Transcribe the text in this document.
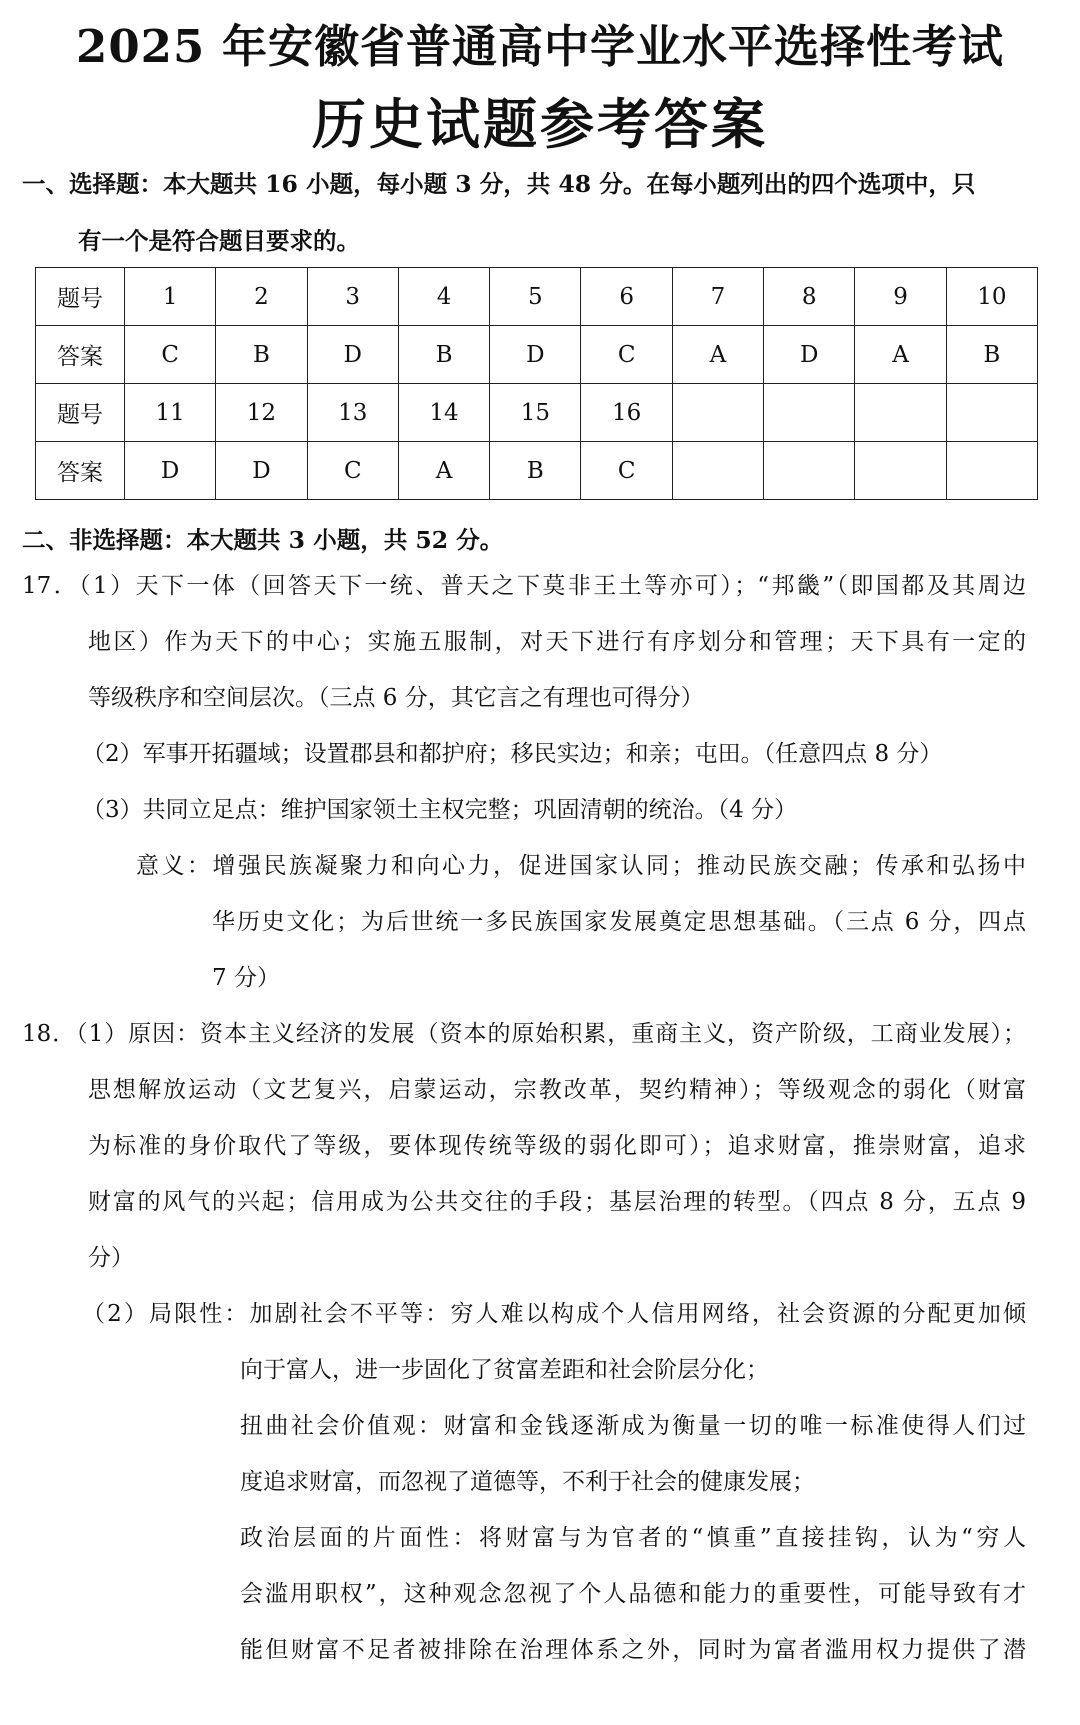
2025 年安徽省普通高中学业水平选择性考试
历史试题参考答案
一、选择题：本大题共 16 小题，每小题 3 分，共 48 分。在每小题列出的四个选项中，只
有一个是符合题目要求的。
题号	1	2	3	4	5	6	7	8	9	10
答案	C	B	D	B	D	C	A	D	A	B
题号	11	12	13	14	15	16				
答案	D	D	C	A	B	C				
二、非选择题：本大题共 3 小题，共 52 分。
17．（1）天下一体（回答天下一统、普天之下莫非王土等亦可）；“邦畿”（即国都及其周边
地区）作为天下的中心；实施五服制，对天下进行有序划分和管理；天下具有一定的
等级秩序和空间层次。（三点 6 分，其它言之有理也可得分）
（2）军事开拓疆域；设置郡县和都护府；移民实边；和亲；屯田。（任意四点 8 分）
（3）共同立足点：维护国家领土主权完整；巩固清朝的统治。（4 分）
意义：增强民族凝聚力和向心力，促进国家认同；推动民族交融；传承和弘扬中
华历史文化；为后世统一多民族国家发展奠定思想基础。（三点 6 分，四点
7 分）
18．（1）原因：资本主义经济的发展（资本的原始积累，重商主义，资产阶级，工商业发展）；
思想解放运动（文艺复兴，启蒙运动，宗教改革，契约精神）；等级观念的弱化（财富
为标准的身价取代了等级，要体现传统等级的弱化即可）；追求财富，推崇财富，追求
财富的风气的兴起；信用成为公共交往的手段；基层治理的转型。（四点 8 分，五点 9
分）
（2）局限性：加剧社会不平等：穷人难以构成个人信用网络，社会资源的分配更加倾
向于富人，进一步固化了贫富差距和社会阶层分化；
扭曲社会价值观：财富和金钱逐渐成为衡量一切的唯一标准使得人们过
度追求财富，而忽视了道德等，不利于社会的健康发展；
政治层面的片面性：将财富与为官者的“慎重”直接挂钩，认为“穷人
会滥用职权”，这种观念忽视了个人品德和能力的重要性，可能导致有才
能但财富不足者被排除在治理体系之外，同时为富者滥用权力提供了潜
